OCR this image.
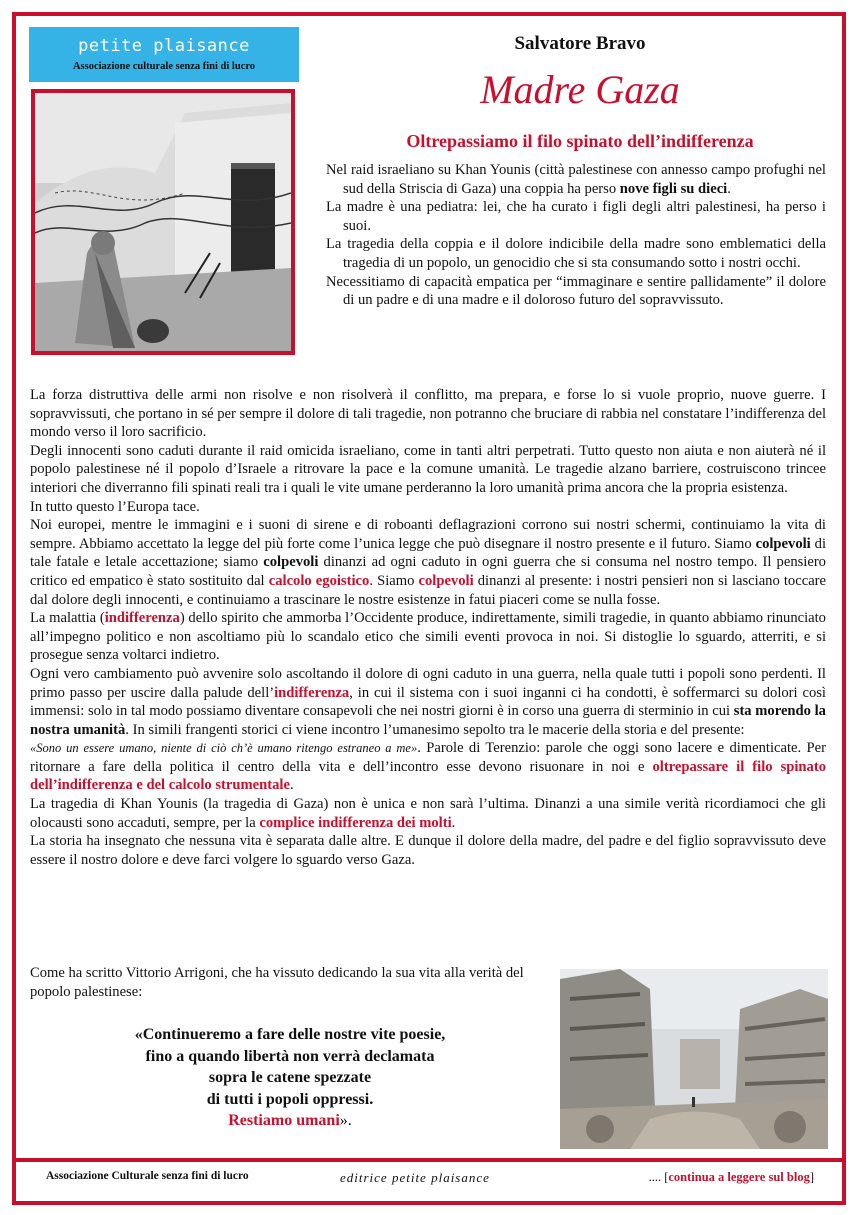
petite plaisance
Associazione culturale senza fini di lucro
Salvatore Bravo
Madre Gaza
Oltrepassiamo il filo spinato dell’indifferenza

Nel raid israeliano su Khan Younis (città palestinese con annesso campo profughi nel sud della Striscia di Gaza) una coppia ha perso nove figli su dieci.

La madre è una pediatra: lei, che ha curato i figli degli altri palestinesi, ha perso i suoi.

La tragedia della coppia e il dolore indicibile della madre sono emblematici della tragedia di un popolo, un genocidio che si sta consumando sotto i nostri occhi.

Necessitiamo di capacità empatica per “immaginare e sentire pallidamente” il dolore di un padre e di una madre e il doloroso futuro del sopravvissuto.

La forza distruttiva delle armi non risolve e non risolverà il conflitto, ma prepara, e forse lo si vuole proprio, nuove guerre. I sopravvissuti, che portano in sé per sempre il dolore di tali tragedie, non potranno che bruciare di rabbia nel constatare l’indifferenza del mondo verso il loro sacrificio.

Degli innocenti sono caduti durante il raid omicida israeliano, come in tanti altri perpetrati. Tutto questo non aiuta e non aiuterà né il popolo palestinese né il popolo d’Israele a ritrovare la pace e la comune umanità. Le tragedie alzano barriere, costruiscono trincee interiori che diverranno fili spinati reali tra i quali le vite umane perderanno la loro umanità prima ancora che la propria esistenza.

In tutto questo l’Europa tace.

Noi europei, mentre le immagini e i suoni di sirene e di roboanti deflagrazioni corrono sui nostri schermi, continuiamo la vita di sempre. Abbiamo accettato la legge del più forte come l’unica legge che può disegnare il nostro presente e il futuro. Siamo colpevoli di tale fatale e letale accettazione; siamo colpevoli dinanzi ad ogni caduto in ogni guerra che si consuma nel nostro tempo. Il pensiero critico ed empatico è stato sostituito dal calcolo egoistico. Siamo colpevoli dinanzi al presente: i nostri pensieri non si lasciano toccare dal dolore degli innocenti, e continuiamo a trascinare le nostre esistenze in fatui piaceri come se nulla fosse.

La malattia (indifferenza) dello spirito che ammorba l’Occidente produce, indirettamente, simili tragedie, in quanto abbiamo rinunciato all’impegno politico e non ascoltiamo più lo scandalo etico che simili eventi provoca in noi. Si distoglie lo sguardo, atterriti, e si prosegue senza voltarci indietro.

Ogni vero cambiamento può avvenire solo ascoltando il dolore di ogni caduto in una guerra, nella quale tutti i popoli sono perdenti. Il primo passo per uscire dalla palude dell’indifferenza, in cui il sistema con i suoi inganni ci ha condotti, è soffermarci su dolori così immensi: solo in tal modo possiamo diventare consapevoli che nei nostri giorni è in corso una guerra di sterminio in cui sta morendo la nostra umanità. In simili frangenti storici ci viene incontro l’umanesimo sepolto tra le macerie della storia e del presente:

«Sono un essere umano, niente di ciò ch’è umano ritengo estraneo a me». Parole di Terenzio: parole che oggi sono lacere e dimenticate. Per ritornare a fare della politica il centro della vita e dell’incontro esse devono risuonare in noi e oltrepassare il filo spinato dell’indifferenza e del calcolo strumentale.

La tragedia di Khan Younis (la tragedia di Gaza) non è unica e non sarà l’ultima. Dinanzi a una simile verità ricordiamoci che gli olocausti sono accaduti, sempre, per la complice indifferenza dei molti.

La storia ha insegnato che nessuna vita è separata dalle altre. E dunque il dolore della madre, del padre e del figlio sopravvissuto deve essere il nostro dolore e deve farci volgere lo sguardo verso Gaza.

Come ha scritto Vittorio Arrigoni, che ha vissuto dedicando la sua vita alla verità del popolo palestinese:
«Continueremo a fare delle nostre vite poesie,
fino a quando libertà non verrà declamata
sopra le catene spezzate
di tutti i popoli oppressi.
Restiamo umani».
Associazione Culturale senza fini di lucro	editrice petite plaisance	.... [continua a leggere sul blog]
